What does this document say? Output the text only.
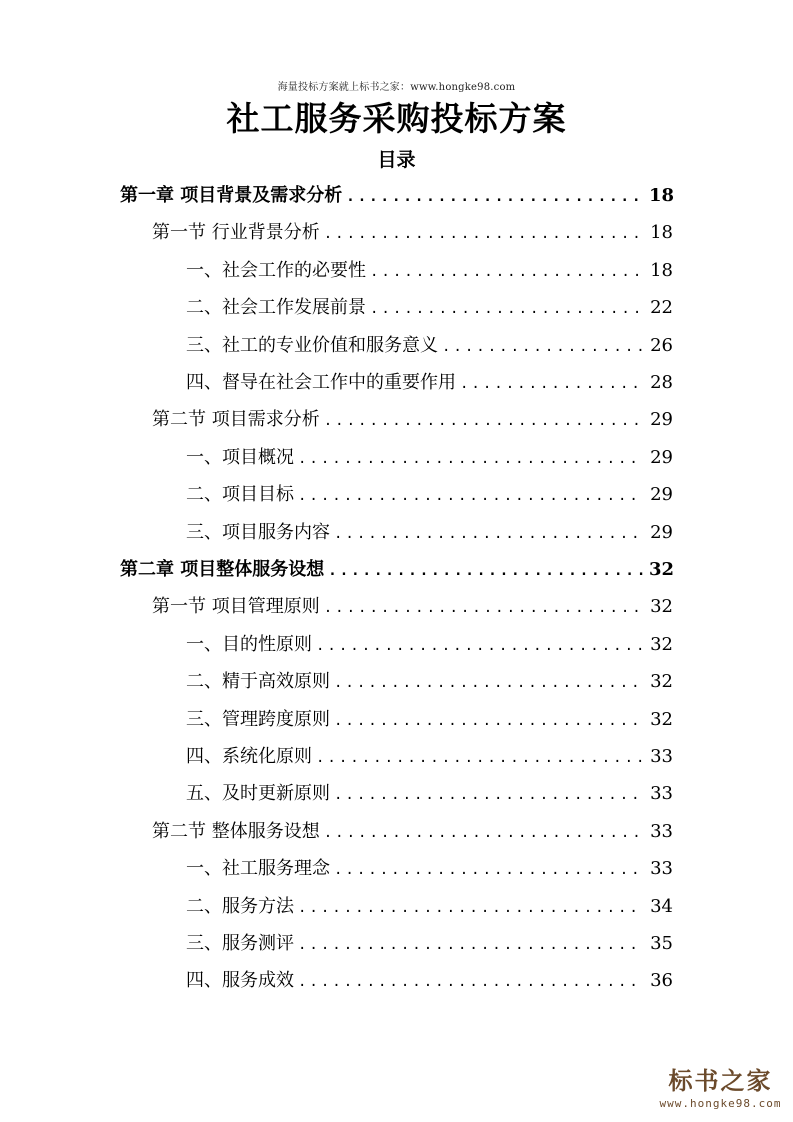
海量投标方案就上标书之家：www.hongke98.com
社工服务采购投标方案
目录
第一章 项目背景及需求分析 .....	18
第一节 行业背景分析 .....	18
一、社会工作的必要性 .....	18
二、社会工作发展前景 .....	22
三、社工的专业价值和服务意义 .....	26
四、督导在社会工作中的重要作用 .....	28
第二节 项目需求分析 .....	29
一、项目概况 .....	29
二、项目目标 .....	29
三、项目服务内容 .....	29
第二章 项目整体服务设想 .....	32
第一节 项目管理原则 .....	32
一、目的性原则 .....	32
二、精于高效原则 .....	32
三、管理跨度原则 .....	32
四、系统化原则 .....	33
五、及时更新原则 .....	33
第二节 整体服务设想 .....	33
一、社工服务理念 .....	33
二、服务方法 .....	34
三、服务测评 .....	35
四、服务成效 .....	36
标书之家
www.hongke98.com
